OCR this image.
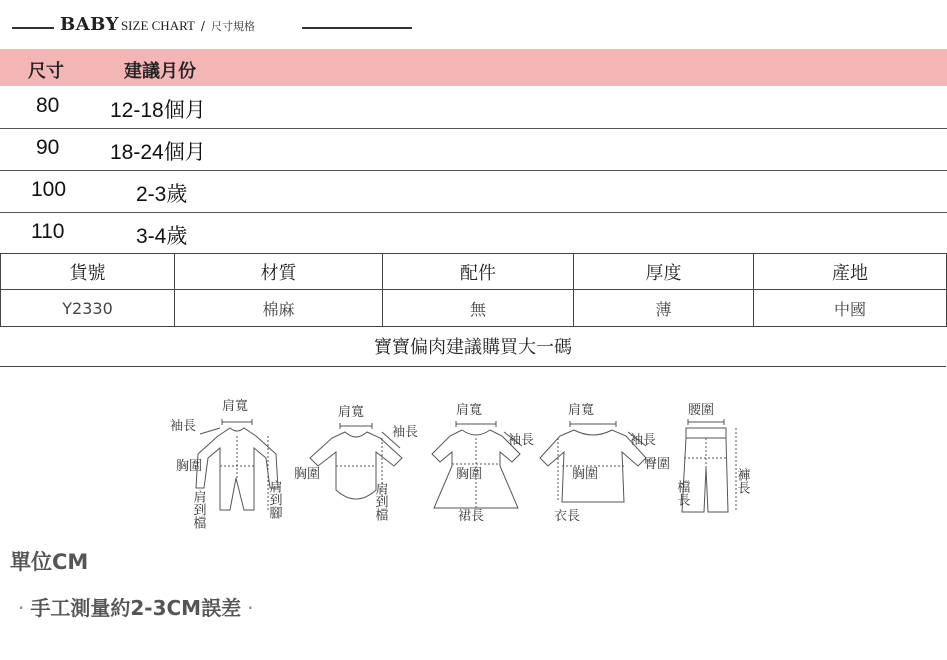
BABY SIZE CHART / 尺寸規格
尺寸	建議月份
80 12-18個月
90 18-24個月
100	2-3歲
110	3-4歲
貨號	材質	配件	厚度	產地
Y2330	棉麻	無	薄	中國
寶寶偏肉建議購買大一碼
肩寬
袖長
胸圍
肩到檔	肩到腳
肩寬
袖長
胸圍
肩到檔
肩寬
袖長
胸圍
裙長
肩寬
袖長
胸圍
衣長
腰圍
臀圍
檔長	褲長
單位CM
· 手工測量約2-3CM誤差 ·
